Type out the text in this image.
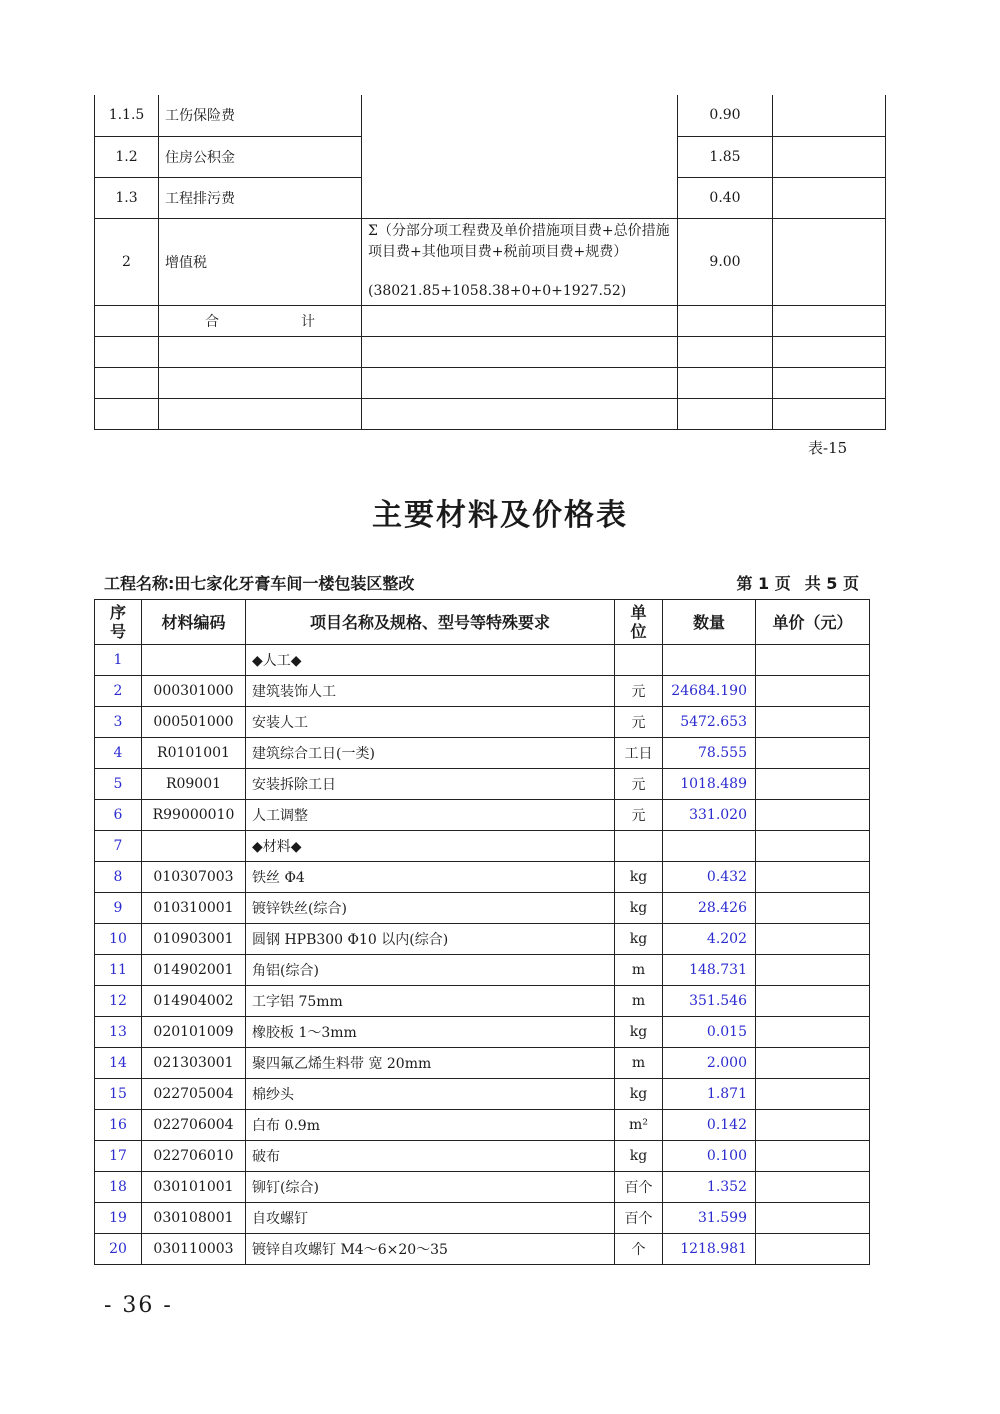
1.1.5	工伤保险费		0.90	
1.2	住房公积金		1.85	
1.3	工程排污费		0.40	
2	增值税	Σ（分部分项工程费及单价措施项目费+总价措施项目费+其他项目费+税前项目费+规费）
(38021.85+1058.38+0+0+1927.52)	9.00	
	合计			

表-15
主要材料及价格表
工程名称:田七家化牙膏车间一楼包装区整改	第 1 页 共 5 页
序号	材料编码	项目名称及规格、型号等特殊要求	单位	数量	单价（元）
1		◆人工◆			
2	000301000	建筑装饰人工	元	24684.190	
3	000501000	安装人工	元	5472.653	
4	R0101001	建筑综合工日(一类)	工日	78.555	
5	R09001	安装拆除工日	元	1018.489	
6	R99000010	人工调整	元	331.020	
7		◆材料◆			
8	010307003	铁丝 Φ4	kg	0.432	
9	010310001	镀锌铁丝(综合)	kg	28.426	
10	010903001	圆钢 HPB300 Φ10 以内(综合)	kg	4.202	
11	014902001	角铝(综合)	m	148.731	
12	014904002	工字铝 75mm	m	351.546	
13	020101009	橡胶板 1～3mm	kg	0.015	
14	021303001	聚四氟乙烯生料带 宽 20mm	m	2.000	
15	022705004	棉纱头	kg	1.871	
16	022706004	白布 0.9m	m²	0.142	
17	022706010	破布	kg	0.100	
18	030101001	铆钉(综合)	百个	1.352	
19	030108001	自攻螺钉	百个	31.599	
20	030110003	镀锌自攻螺钉 M4～6×20～35	个	1218.981	
- 36 -
